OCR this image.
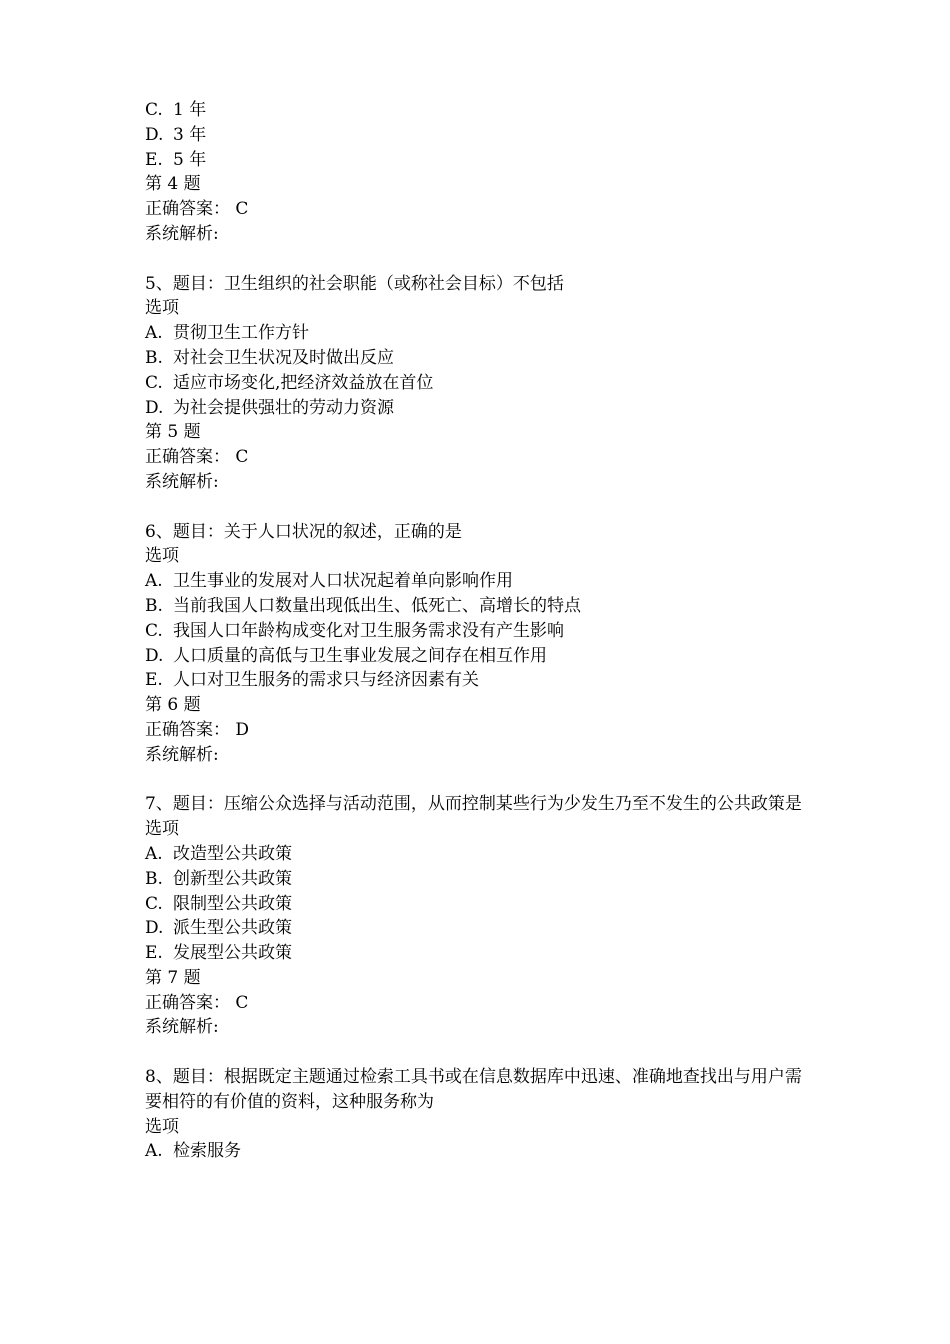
C. 1 年
D. 3 年
E. 5 年
第 4 题
正确答案： C
系统解析:
5、题目：卫生组织的社会职能（或称社会目标）不包括
选项
A. 贯彻卫生工作方针
B. 对社会卫生状况及时做出反应
C. 适应市场变化,把经济效益放在首位
D. 为社会提供强壮的劳动力资源
第 5 题
正确答案： C
系统解析:
6、题目：关于人口状况的叙述，正确的是
选项
A. 卫生事业的发展对人口状况起着单向影响作用
B. 当前我国人口数量出现低出生、低死亡、高增长的特点
C. 我国人口年龄构成变化对卫生服务需求没有产生影响
D. 人口质量的高低与卫生事业发展之间存在相互作用
E. 人口对卫生服务的需求只与经济因素有关
第 6 题
正确答案： D
系统解析:
7、题目：压缩公众选择与活动范围，从而控制某些行为少发生乃至不发生的公共政策是
选项
A. 改造型公共政策
B. 创新型公共政策
C. 限制型公共政策
D. 派生型公共政策
E. 发展型公共政策
第 7 题
正确答案： C
系统解析:
8、题目：根据既定主题通过检索工具书或在信息数据库中迅速、准确地查找出与用户需要相符的有价值的资料，这种服务称为
选项
A. 检索服务
